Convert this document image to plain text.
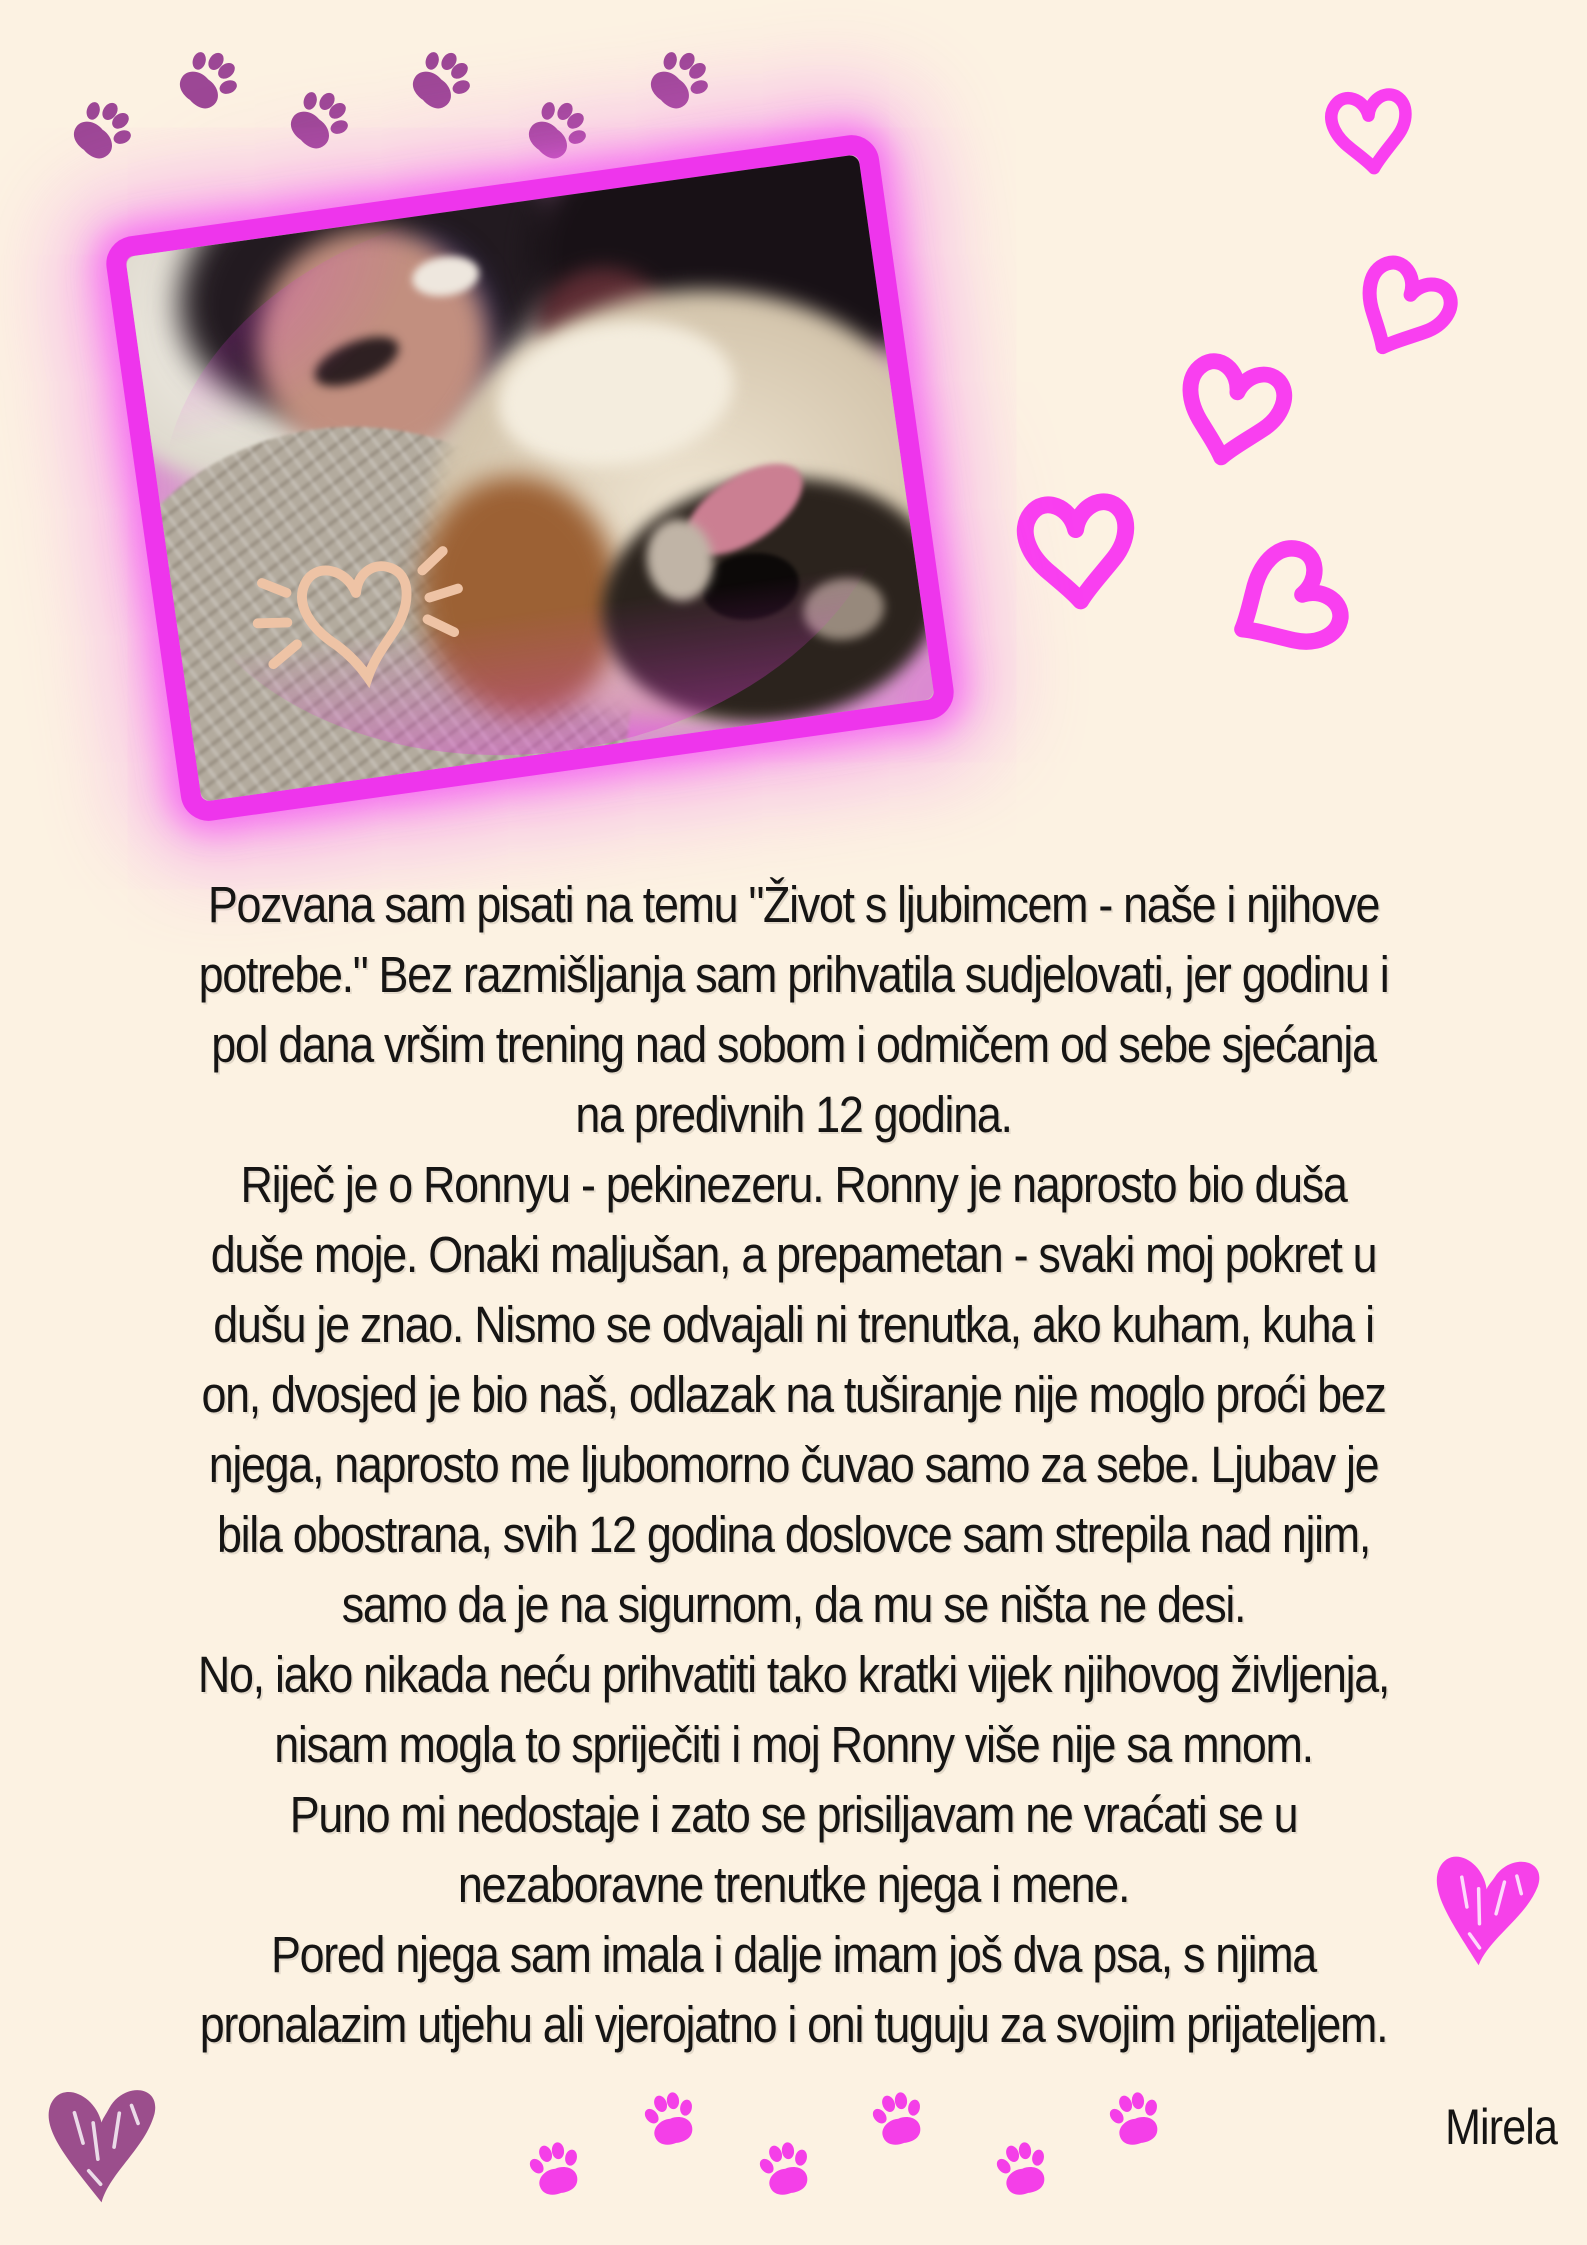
Pozvana sam pisati na temu "Život s ljubimcem - naše i njihove
potrebe." Bez razmišljanja sam prihvatila sudjelovati, jer godinu i
pol dana vršim trening nad sobom i odmičem od sebe sjećanja
na predivnih 12 godina.
Riječ je o Ronnyu - pekinezeru. Ronny je naprosto bio duša
duše moje. Onaki maljušan, a prepametan - svaki moj pokret u
dušu je znao. Nismo se odvajali ni trenutka, ako kuham, kuha i
on, dvosjed je bio naš, odlazak na tuširanje nije moglo proći bez
njega, naprosto me ljubomorno čuvao samo za sebe. Ljubav je
bila obostrana, svih 12 godina doslovce sam strepila nad njim,
samo da je na sigurnom, da mu se ništa ne desi.
No, iako nikada neću prihvatiti tako kratki vijek njihovog življenja,
nisam mogla to spriječiti i moj Ronny više nije sa mnom.
Puno mi nedostaje i zato se prisiljavam ne vraćati se u
nezaboravne trenutke njega i mene.
Pored njega sam imala i dalje imam još dva psa, s njima
pronalazim utjehu ali vjerojatno i oni tuguju za svojim prijateljem.
Mirela
